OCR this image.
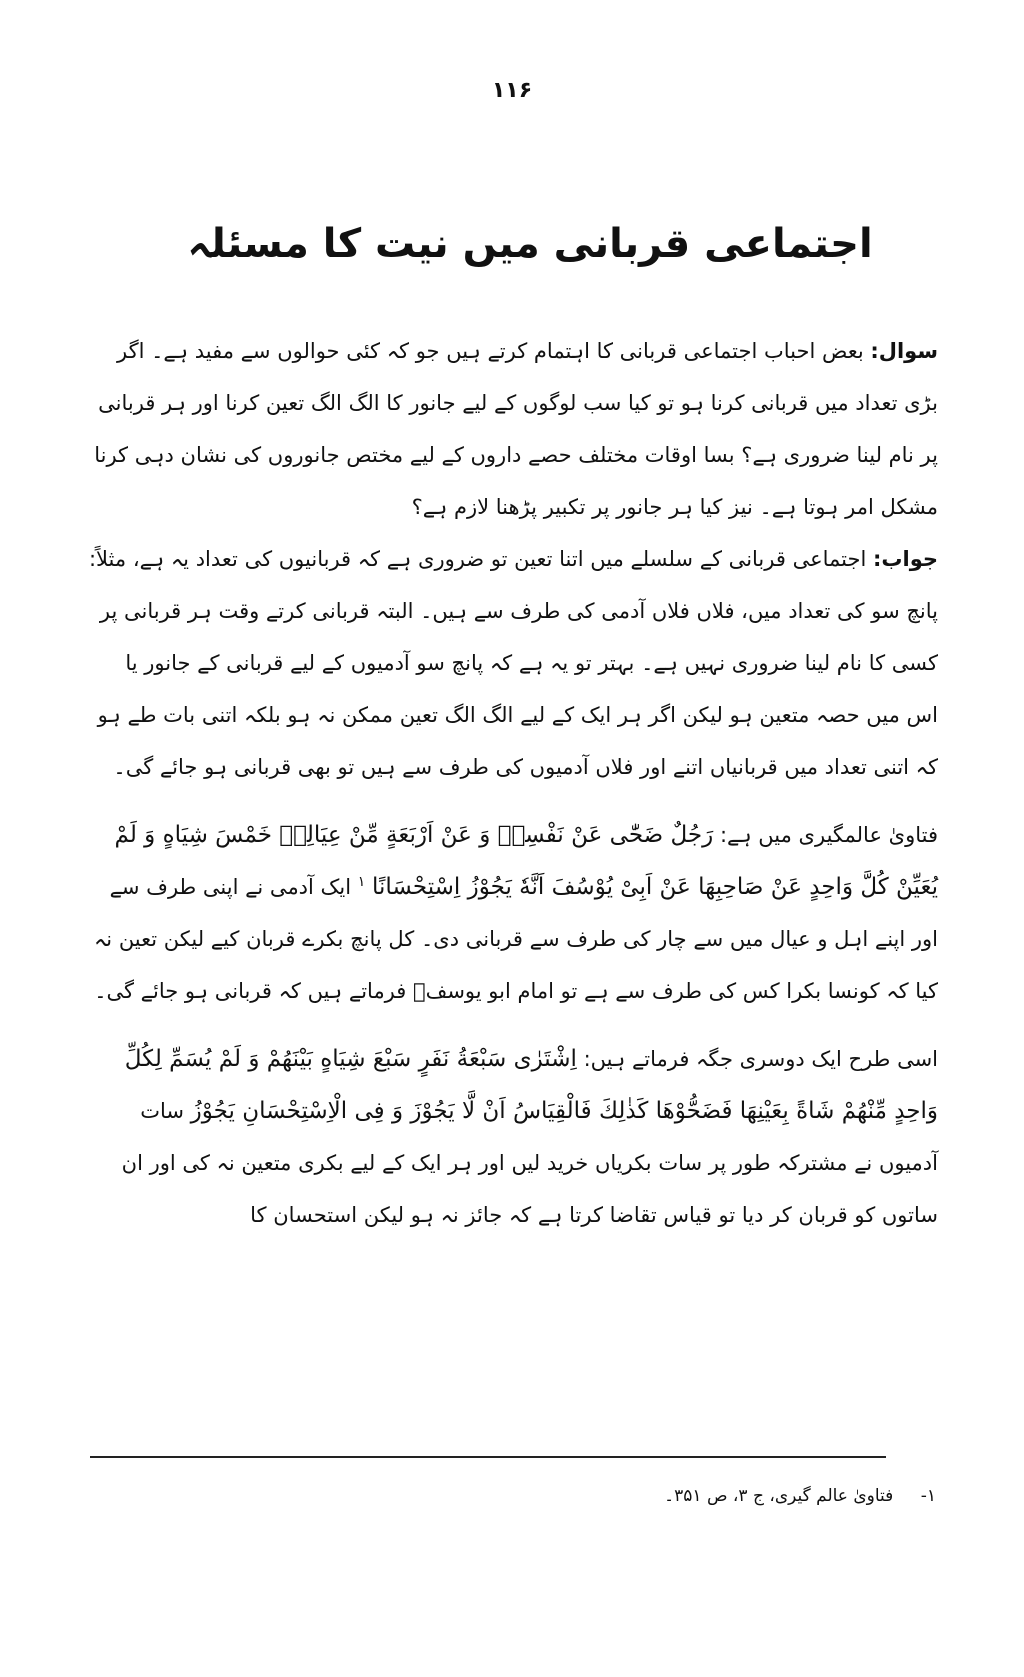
۱۱۶
اجتماعی قربانی میں نیت کا مسئلہ

سوال: بعض احباب اجتماعی قربانی کا اہتمام کرتے ہیں جو کہ کئی حوالوں سے مفید ہے۔ اگر بڑی تعداد میں قربانی کرنا ہو تو کیا سب لوگوں کے لیے جانور کا الگ الگ تعین کرنا اور ہر قربانی پر نام لینا ضروری ہے؟ بسا اوقات مختلف حصے داروں کے لیے مختص جانوروں کی نشان دہی کرنا مشکل امر ہوتا ہے۔ نیز کیا ہر جانور پر تکبیر پڑھنا لازم ہے؟

جواب: اجتماعی قربانی کے سلسلے میں اتنا تعین تو ضروری ہے کہ قربانیوں کی تعداد یہ ہے، مثلاً: پانچ سو کی تعداد میں، فلاں فلاں آدمی کی طرف سے ہیں۔ البتہ قربانی کرتے وقت ہر قربانی پر کسی کا نام لینا ضروری نہیں ہے۔ بہتر تو یہ ہے کہ پانچ سو آدمیوں کے لیے قربانی کے جانور یا اس میں حصہ متعین ہو لیکن اگر ہر ایک کے لیے الگ الگ تعین ممکن نہ ہو بلکہ اتنی بات طے ہو کہ اتنی تعداد میں قربانیاں اتنے اور فلاں آدمیوں کی طرف سے ہیں تو بھی قربانی ہو جائے گی۔

فتاویٰ عالمگیری میں ہے: رَجُلٌ ضَحّٰی عَنْ نَفْسِهٖ وَ عَنْ اَرْبَعَةٍ مِّنْ عِيَالِهٖ خَمْسَ شِيَاهٍ وَ لَمْ يُعَيِّنْ كُلَّ وَاحِدٍ عَنْ صَاحِبِهَا عَنْ اَبِیْ يُوْسُفَ اَنَّهٗ يَجُوْزُ اِسْتِحْسَانًا $^۱$ ایک آدمی نے اپنی طرف سے اور اپنے اہل و عیال میں سے چار کی طرف سے قربانی دی۔ کل پانچ بکرے قربان کیے لیکن تعین نہ کیا کہ کونسا بکرا کس کی طرف سے ہے تو امام ابو یوسفؒ فرماتے ہیں کہ قربانی ہو جائے گی۔

اسی طرح ایک دوسری جگہ فرماتے ہیں: اِشْتَرٰی سَبْعَةُ نَفَرٍ سَبْعَ شِيَاهٍ بَيْنَهُمْ وَ لَمْ يُسَمِّ لِكُلِّ وَاحِدٍ مِّنْهُمْ شَاةً بِعَيْنِهَا فَضَحُّوْهَا كَذٰلِكَ فَالْقِيَاسُ اَنْ لَّا يَجُوْزَ وَ فِی الْاِسْتِحْسَانِ يَجُوْزُ سات آدمیوں نے مشترکہ طور پر سات بکریاں خرید لیں اور ہر ایک کے لیے بکری متعین نہ کی اور ان ساتوں کو قربان کر دیا تو قیاس تقاضا کرتا ہے کہ جائز نہ ہو لیکن استحسان کا

۱- فتاویٰ عالم گیری، ج ۳، ص ۳۵۱۔
